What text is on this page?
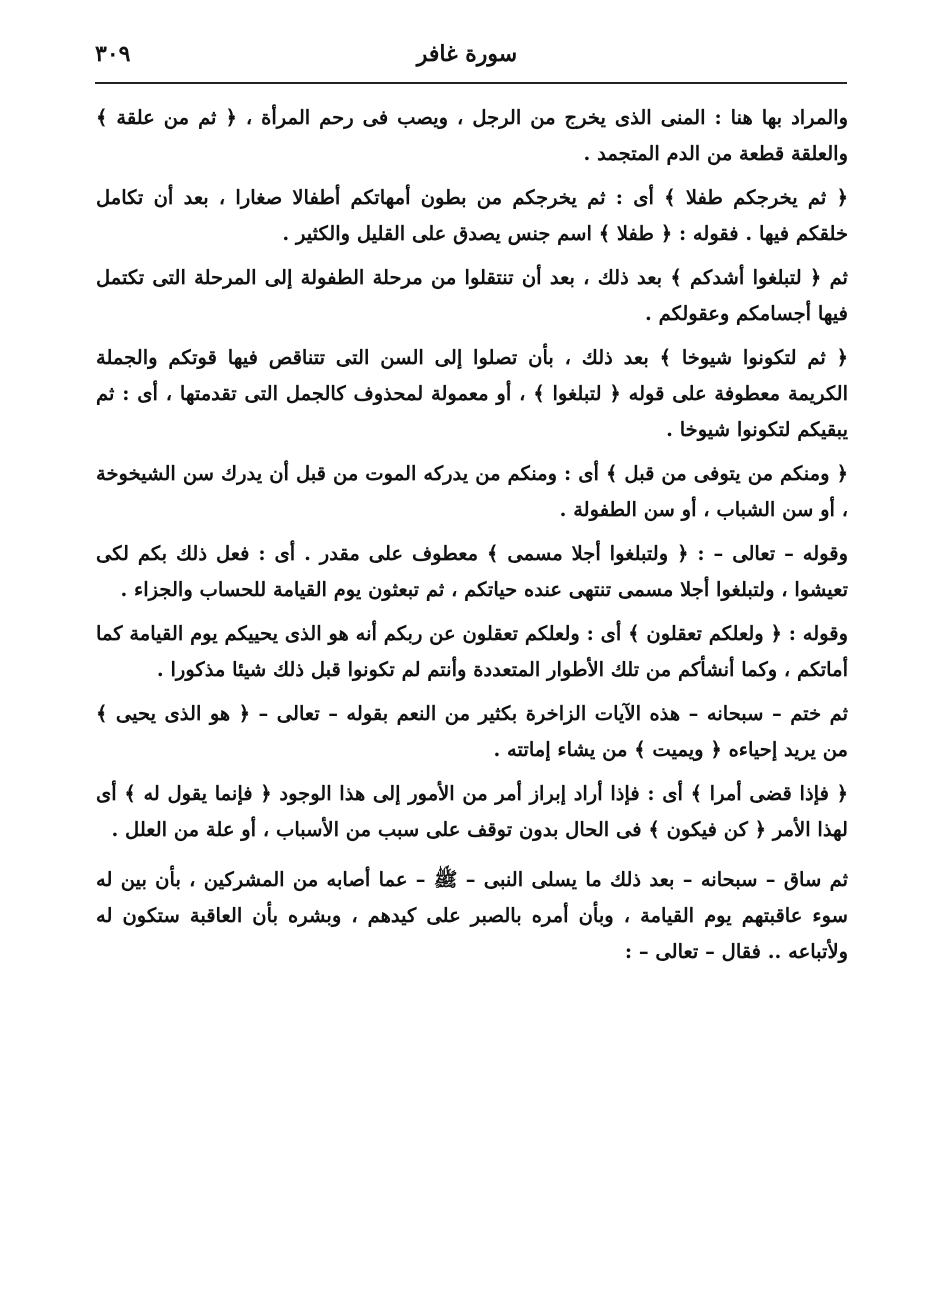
سورة غافر
٣٠٩

والمراد بها هنا : المنى الذى يخرج من الرجل ، ويصب فى رحم المرأة ، ﴿ ثم من علقة ﴾ والعلقة قطعة من الدم المتجمد .

﴿ ثم يخرجكم طفلا ﴾ أى : ثم يخرجكم من بطون أمهاتكم أطفالا صغارا ، بعد أن تكامل خلقكم فيها . فقوله : ﴿ طفلا ﴾ اسم جنس يصدق على القليل والكثير .

ثم ﴿ لتبلغوا أشدكم ﴾ بعد ذلك ، بعد أن تنتقلوا من مرحلة الطفولة إلى المرحلة التى تكتمل فيها أجسامكم وعقولكم .

﴿ ثم لتكونوا شيوخا ﴾ بعد ذلك ، بأن تصلوا إلى السن التى تتناقص فيها قوتكم والجملة الكريمة معطوفة على قوله ﴿ لتبلغوا ﴾ ، أو معمولة لمحذوف كالجمل التى تقدمتها ، أى : ثم يبقيكم لتكونوا شيوخا .

﴿ ومنكم من يتوفى من قبل ﴾ أى : ومنكم من يدركه الموت من قبل أن يدرك سن الشيخوخة ، أو سن الشباب ، أو سن الطفولة .

وقوله – تعالى – : ﴿ ولتبلغوا أجلا مسمى ﴾ معطوف على مقدر . أى : فعل ذلك بكم لكى تعيشوا ، ولتبلغوا أجلا مسمى تنتهى عنده حياتكم ، ثم تبعثون يوم القيامة للحساب والجزاء .

وقوله : ﴿ ولعلكم تعقلون ﴾ أى : ولعلكم تعقلون عن ربكم أنه هو الذى يحييكم يوم القيامة كما أماتكم ، وكما أنشأكم من تلك الأطوار المتعددة وأنتم لم تكونوا قبل ذلك شيئا مذكورا .

ثم ختم – سبحانه – هذه الآيات الزاخرة بكثير من النعم بقوله – تعالى – ﴿ هو الذى يحيى ﴾ من يريد إحياءه ﴿ ويميت ﴾ من يشاء إماتته .

﴿ فإذا قضى أمرا ﴾ أى : فإذا أراد إبراز أمر من الأمور إلى هذا الوجود ﴿ فإنما يقول له ﴾ أى لهذا الأمر ﴿ كن فيكون ﴾ فى الحال بدون توقف على سبب من الأسباب ، أو علة من العلل .

ثم ساق – سبحانه – بعد ذلك ما يسلى النبى – ﷺ – عما أصابه من المشركين ، بأن بين له سوء عاقبتهم يوم القيامة ، وبأن أمره بالصبر على كيدهم ، وبشره بأن العاقبة ستكون له ولأتباعه .. فقال – تعالى – :
